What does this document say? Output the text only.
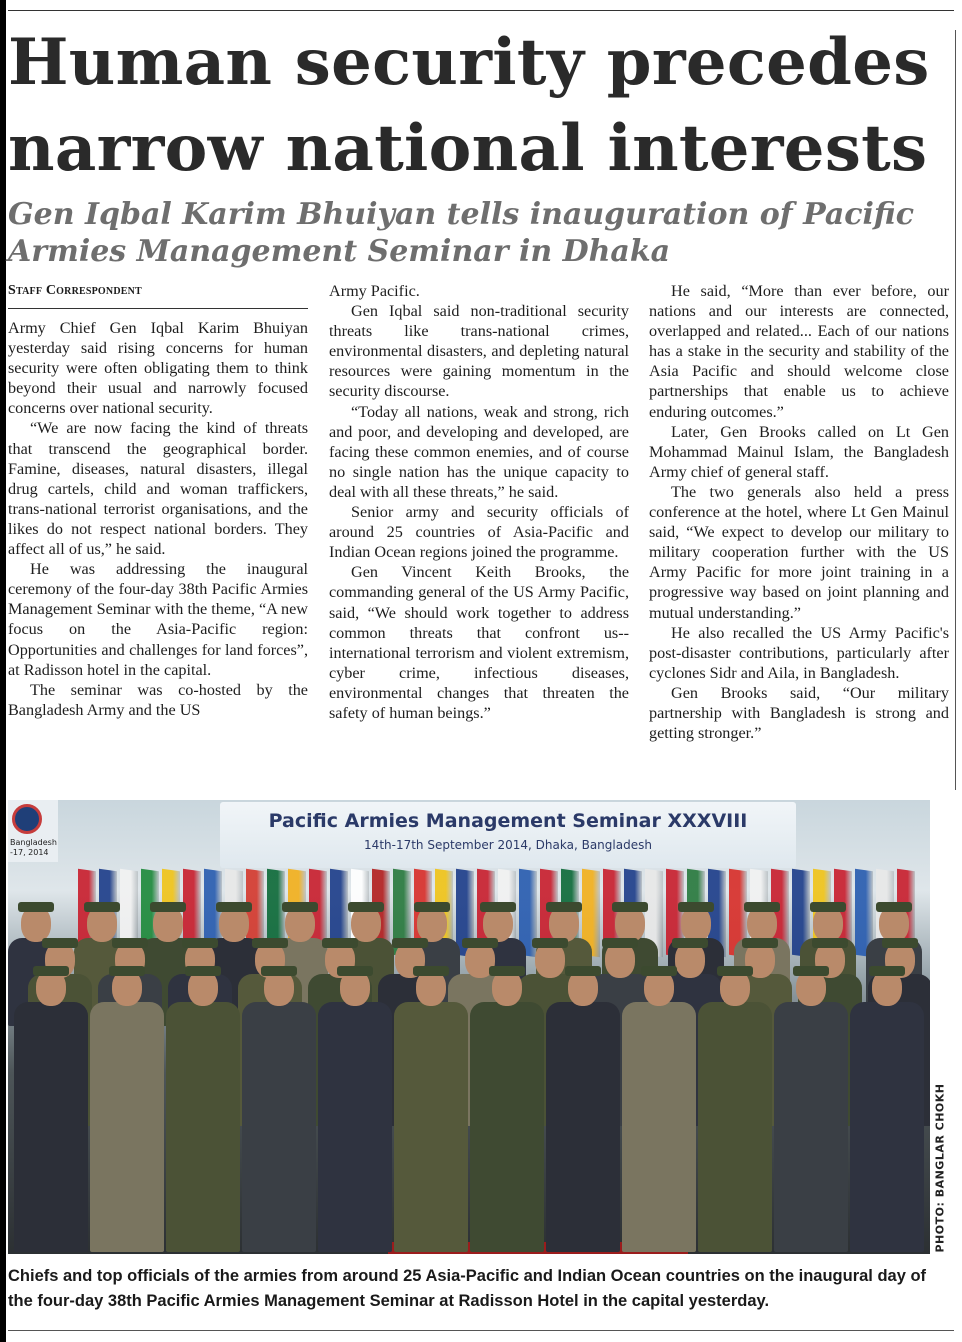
Human security precedes
narrow national interests
Gen Iqbal Karim Bhuiyan tells inauguration of Pacific
Armies Management Seminar in Dhaka
Staff Correspondent

Army Chief Gen Iqbal Karim Bhuiyan yesterday said rising concerns for human security were often obligating them to think beyond their usual and narrowly focused concerns over national security.

“We are now facing the kind of threats that transcend the geographical border. Famine, diseases, natural disasters, illegal drug cartels, child and woman traffickers, trans-national terrorist organisations, and the likes do not respect national borders. They affect all of us,” he said.

He was addressing the inaugural ceremony of the four-day 38th Pacific Armies Management Seminar with the theme, “A new focus on the Asia-Pacific region: Opportunities and challenges for land forces”, at Radisson hotel in the capital.

The seminar was co-hosted by the Bangladesh Army and the US

Army Pacific.

Gen Iqbal said non-traditional security threats like trans-national crimes, environmental disasters, and depleting natural resources were gaining momentum in the security discourse.

“Today all nations, weak and strong, rich and poor, and developing and developed, are facing these common enemies, and of course no single nation has the unique capacity to deal with all these threats,” he said.

Senior army and security officials of around 25 countries of Asia-Pacific and Indian Ocean regions joined the programme.

Gen Vincent Keith Brooks, the commanding general of the US Army Pacific, said, “We should work together to address common threats that confront us--international terrorism and violent extremism, cyber crime, infectious diseases, environmental changes that threaten the safety of human beings.”

He said, “More than ever before, our nations and our interests are connected, overlapped and related... Each of our nations has a stake in the security and stability of the Asia Pacific and should welcome close partnerships that enable us to achieve enduring outcomes.”

Later, Gen Brooks called on Lt Gen Mohammad Mainul Islam, the Bangladesh Army chief of general staff.

The two generals also held a press conference at the hotel, where Lt Gen Mainul said, “We expect to develop our military to military cooperation further with the US Army Pacific for more joint training in a progressive way based on joint planning and mutual understanding.”

He also recalled the US Army Pacific's post-disaster contributions, particularly after cyclones Sidr and Aila, in Bangladesh.

Gen Brooks said, “Our military partnership with Bangladesh is strong and getting stronger.”

Bangladesh
-17, 2014
Pacific Armies Management Seminar XXXVIII
14th-17th September 2014, Dhaka, Bangladesh
PHOTO: BANGLAR CHOKH
Chiefs and top officials of the armies from around 25 Asia-Pacific and Indian Ocean countries on the inaugural day of the four-day 38th Pacific Armies Management Seminar at Radisson Hotel in the capital yesterday.
